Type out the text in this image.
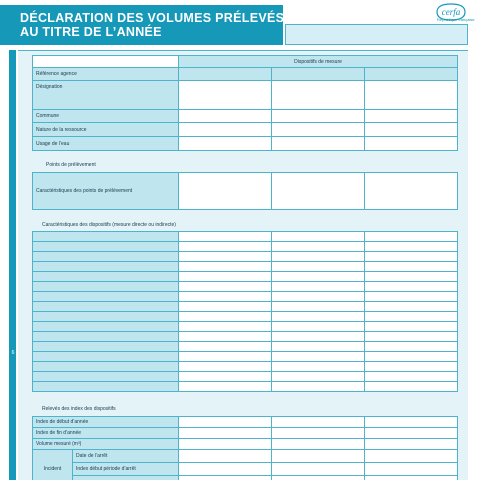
DÉCLARATION DES VOLUMES PRÉLEVÉS
AU TITRE DE L’ANNÉE
cerfa
République française
6
	Dispositifs de mesure		
Référence agence			
Désignation			
Commune			
Nature de la ressource			
Usage de l’eau			
Points de prélèvement
Caractéristiques des points de prélèvement			
Caractéristiques des dispositifs (mesure directe ou indirecte)

Relevés des index des dispositifs
Index de début d’année				
Index de fin d’année				
Volume mesuré (m³)				
Incident	Date de l’arrêt			
	Index début période d’arrêt			
